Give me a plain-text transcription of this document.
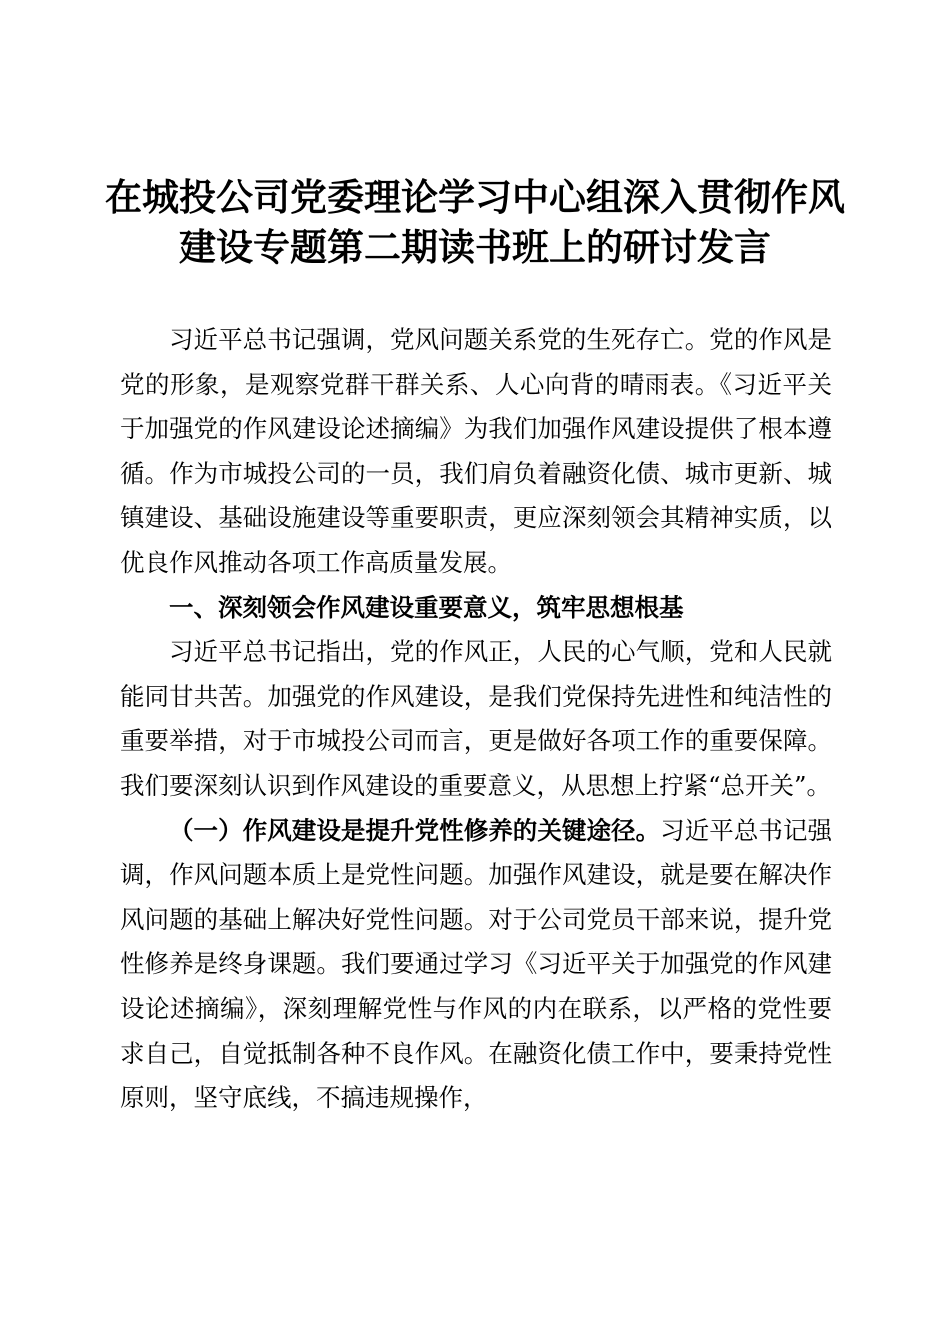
在城投公司党委理论学习中心组深入贯彻作风
建设专题第二期读书班上的研讨发言

习近平总书记强调，党风问题关系党的生死存亡。党的作风是党的形象，是观察党群干群关系、人心向背的晴雨表。《习近平关于加强党的作风建设论述摘编》为我们加强作风建设提供了根本遵循。作为市城投公司的一员，我们肩负着融资化债、城市更新、城镇建设、基础设施建设等重要职责，更应深刻领会其精神实质，以优良作风推动各项工作高质量发展。

一、深刻领会作风建设重要意义，筑牢思想根基

习近平总书记指出，党的作风正，人民的心气顺，党和人民就能同甘共苦。加强党的作风建设，是我们党保持先进性和纯洁性的重要举措，对于市城投公司而言，更是做好各项工作的重要保障。我们要深刻认识到作风建设的重要意义，从思想上拧紧“总开关”。

（一）作风建设是提升党性修养的关键途径。习近平总书记强调，作风问题本质上是党性问题。加强作风建设，就是要在解决作风问题的基础上解决好党性问题。对于公司党员干部来说，提升党性修养是终身课题。我们要通过学习《习近平关于加强党的作风建设论述摘编》，深刻理解党性与作风的内在联系，以严格的党性要求自己，自觉抵制各种不良作风。在融资化债工作中，要秉持党性原则，坚守底线，不搞违规操作，
